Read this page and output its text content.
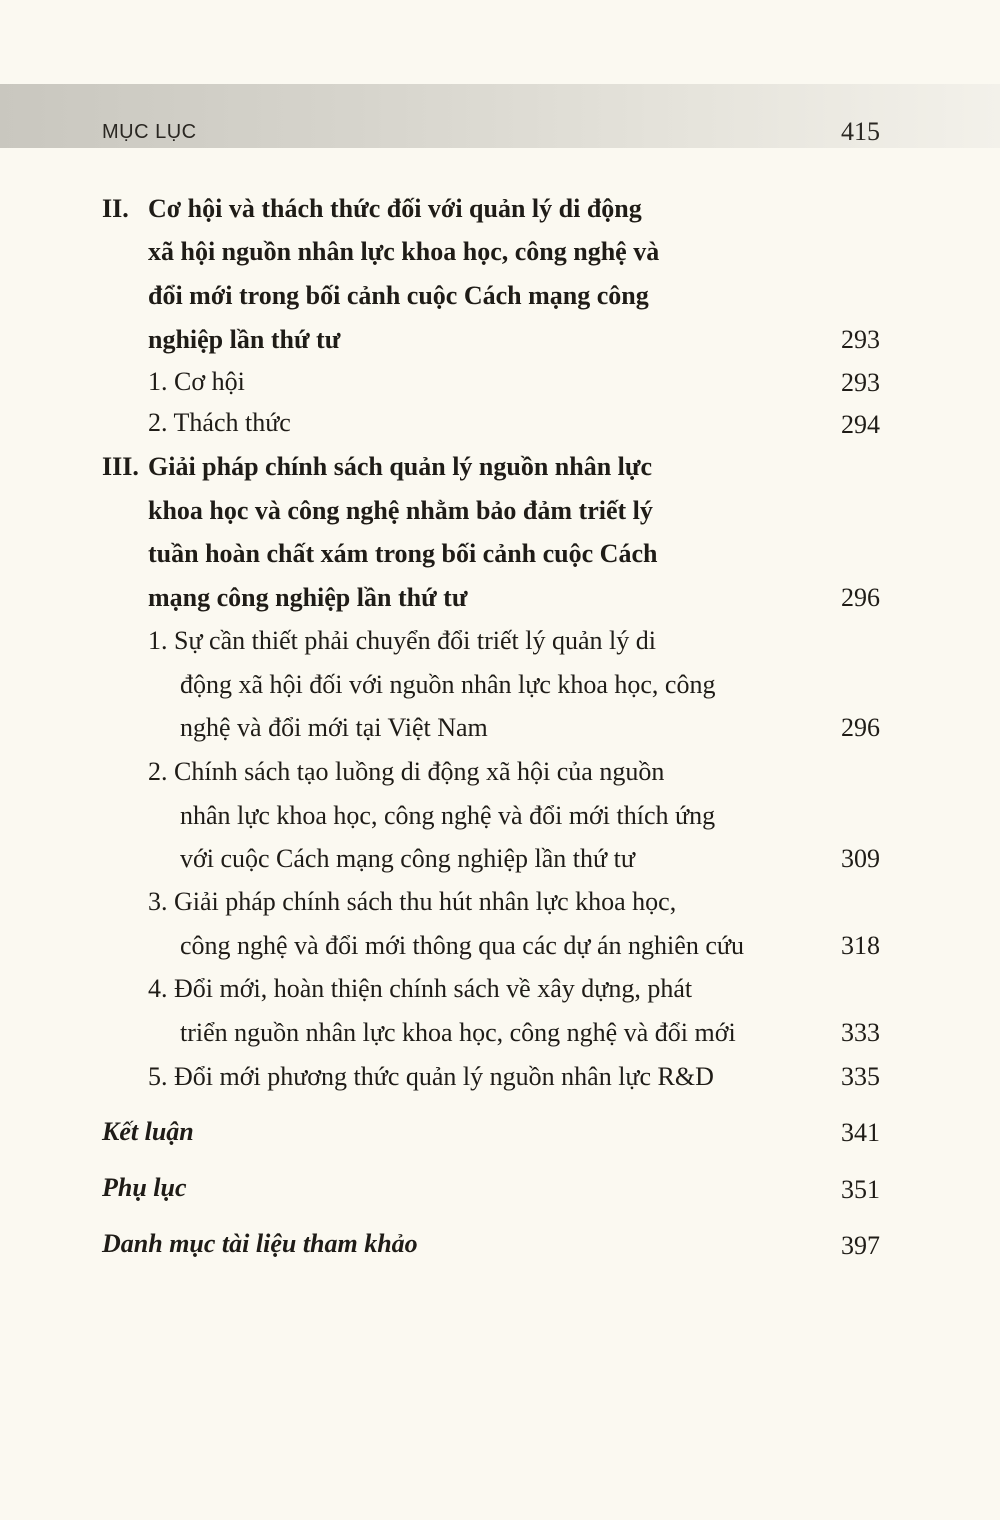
MỤC LỤC	415
II. Cơ hội và thách thức đối với quản lý di động
xã hội nguồn nhân lực khoa học, công nghệ và
đổi mới trong bối cảnh cuộc Cách mạng công
nghiệp lần thứ tư	293
1. Cơ hội	293
2. Thách thức	294
III. Giải pháp chính sách quản lý nguồn nhân lực
khoa học và công nghệ nhằm bảo đảm triết lý
tuần hoàn chất xám trong bối cảnh cuộc Cách
mạng công nghiệp lần thứ tư	296
1. Sự cần thiết phải chuyển đổi triết lý quản lý di
động xã hội đối với nguồn nhân lực khoa học, công
nghệ và đổi mới tại Việt Nam	296
2. Chính sách tạo luồng di động xã hội của nguồn
nhân lực khoa học, công nghệ và đổi mới thích ứng
với cuộc Cách mạng công nghiệp lần thứ tư	309
3. Giải pháp chính sách thu hút nhân lực khoa học,
công nghệ và đổi mới thông qua các dự án nghiên cứu	318
4. Đổi mới, hoàn thiện chính sách về xây dựng, phát
triển nguồn nhân lực khoa học, công nghệ và đổi mới	333
5. Đổi mới phương thức quản lý nguồn nhân lực R&D	335
Kết luận	341
Phụ lục	351
Danh mục tài liệu tham khảo	397
